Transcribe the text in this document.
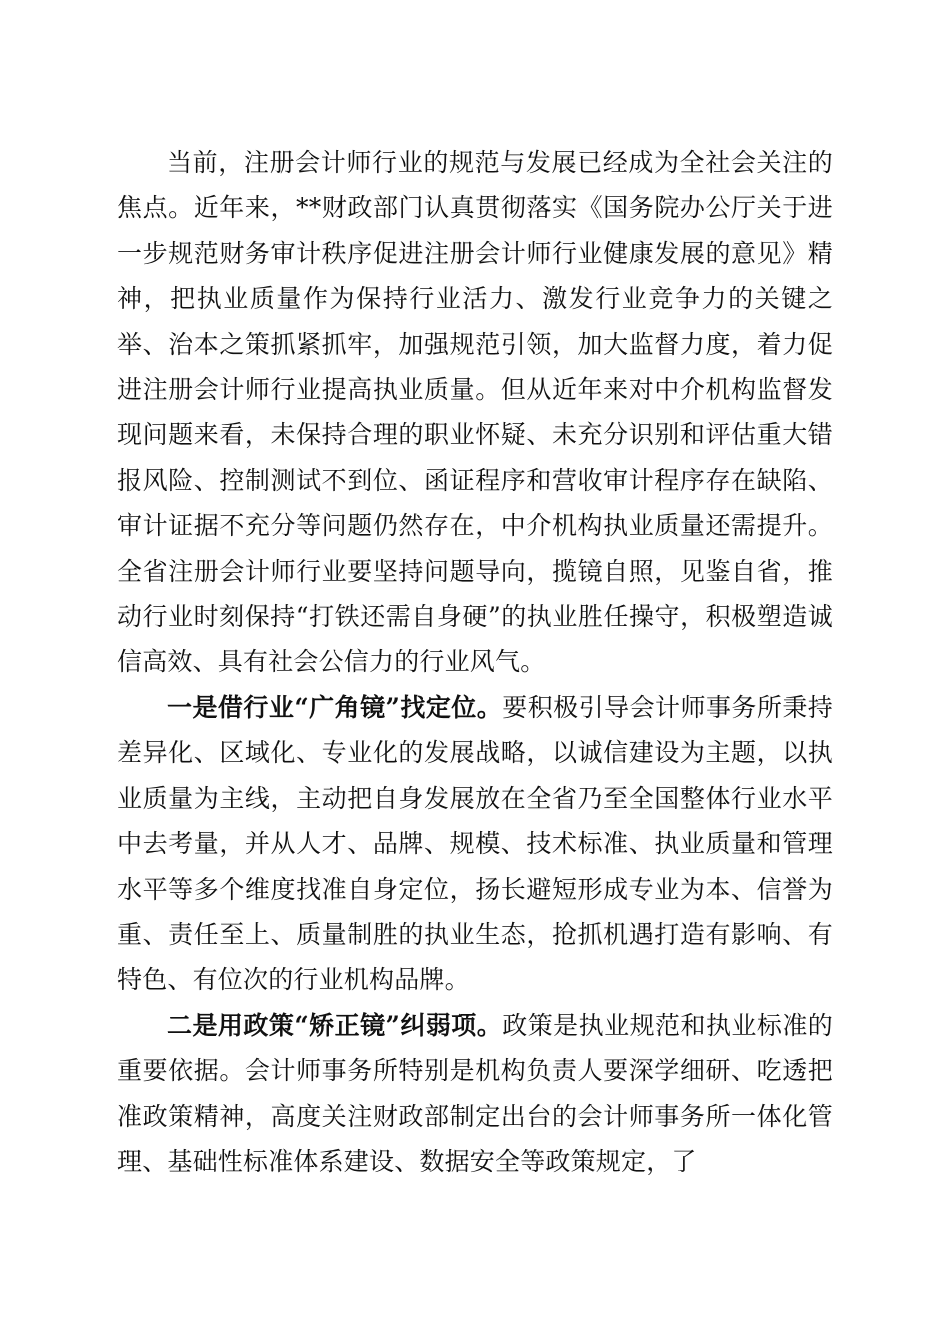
当前，注册会计师行业的规范与发展已经成为全社会关注的焦点。近年来，**财政部门认真贯彻落实《国务院办公厅关于进一步规范财务审计秩序促进注册会计师行业健康发展的意见》精神，把执业质量作为保持行业活力、激发行业竞争力的关键之举、治本之策抓紧抓牢，加强规范引领，加大监督力度，着力促进注册会计师行业提高执业质量。但从近年来对中介机构监督发现问题来看，未保持合理的职业怀疑、未充分识别和评估重大错报风险、控制测试不到位、函证程序和营收审计程序存在缺陷、审计证据不充分等问题仍然存在，中介机构执业质量还需提升。全省注册会计师行业要坚持问题导向，揽镜自照，见鉴自省，推动行业时刻保持“打铁还需自身硬”的执业胜任操守，积极塑造诚信高效、具有社会公信力的行业风气。

一是借行业“广角镜”找定位。要积极引导会计师事务所秉持差异化、区域化、专业化的发展战略，以诚信建设为主题，以执业质量为主线，主动把自身发展放在全省乃至全国整体行业水平中去考量，并从人才、品牌、规模、技术标准、执业质量和管理水平等多个维度找准自身定位，扬长避短形成专业为本、信誉为重、责任至上、质量制胜的执业生态，抢抓机遇打造有影响、有特色、有位次的行业机构品牌。

二是用政策“矫正镜”纠弱项。政策是执业规范和执业标准的重要依据。会计师事务所特别是机构负责人要深学细研、吃透把准政策精神，高度关注财政部制定出台的会计师事务所一体化管理、基础性标准体系建设、数据安全等政策规定，了
